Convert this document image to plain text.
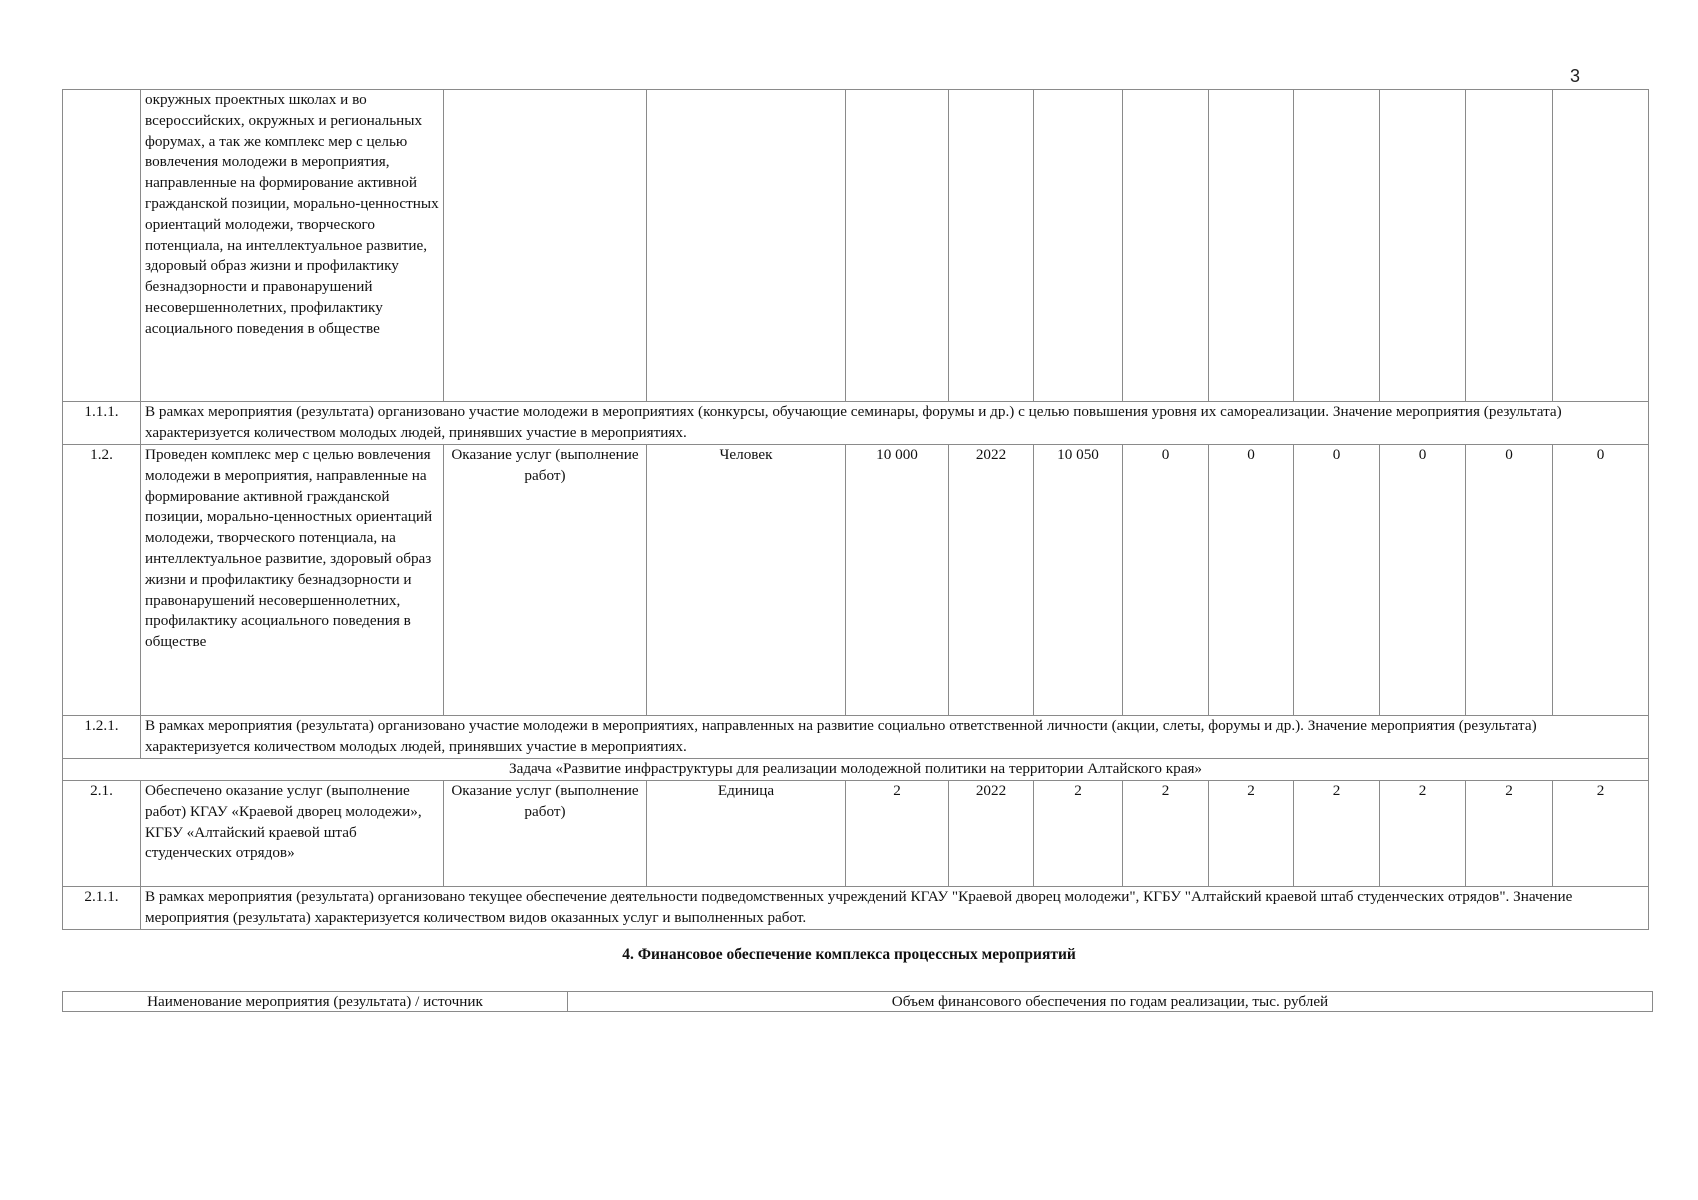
3
	окружных проектных школах и во всероссийских, окружных и региональных форумах, а так же комплекс мер с целью вовлечения молодежи в мероприятия, направленные на формирование активной гражданской позиции, морально-ценностных ориентаций молодежи, творческого потенциала, на интеллектуальное развитие, здоровый образ жизни и профилактику безнадзорности и правонарушений несовершеннолетних, профилактику асоциального поведения в обществе											
1.1.1.	В рамках мероприятия (результата) организовано участие молодежи в мероприятиях (конкурсы, обучающие семинары, форумы и др.) с целью повышения уровня их самореализации. Значение мероприятия (результата) характеризуется количеством молодых людей, принявших участие в мероприятиях.											
1.2.	Проведен комплекс мер с целью вовлечения молодежи в мероприятия, направленные на формирование активной гражданской позиции, морально-ценностных ориентаций молодежи, творческого потенциала, на интеллектуальное развитие, здоровый образ жизни и профилактику безнадзорности и правонарушений несовершеннолетних, профилактику асоциального поведения в обществе	Оказание услуг (выполнение работ)	Человек	10 000	2022	10 050	0	0	0	0	0	0
1.2.1.	В рамках мероприятия (результата) организовано участие молодежи в мероприятиях, направленных на развитие социально ответственной личности (акции, слеты, форумы и др.). Значение мероприятия (результата) характеризуется количеством молодых людей, принявших участие в мероприятиях.											
Задача «Развитие инфраструктуры для реализации молодежной политики на территории Алтайского края»												
2.1.	Обеспечено оказание услуг (выполнение работ) КГАУ «Краевой дворец молодежи», КГБУ «Алтайский краевой штаб студенческих отрядов»	Оказание услуг (выполнение работ)	Единица	2	2022	2	2	2	2	2	2	2
2.1.1.	В рамках мероприятия (результата) организовано текущее обеспечение деятельности подведомственных учреждений КГАУ "Краевой дворец молодежи", КГБУ "Алтайский краевой штаб студенческих отрядов". Значение мероприятия (результата) характеризуется количеством видов оказанных услуг и выполненных работ.											
4. Финансовое обеспечение комплекса процессных мероприятий
Наименование мероприятия (результата) / источник	Объем финансового обеспечения по годам реализации, тыс. рублей
